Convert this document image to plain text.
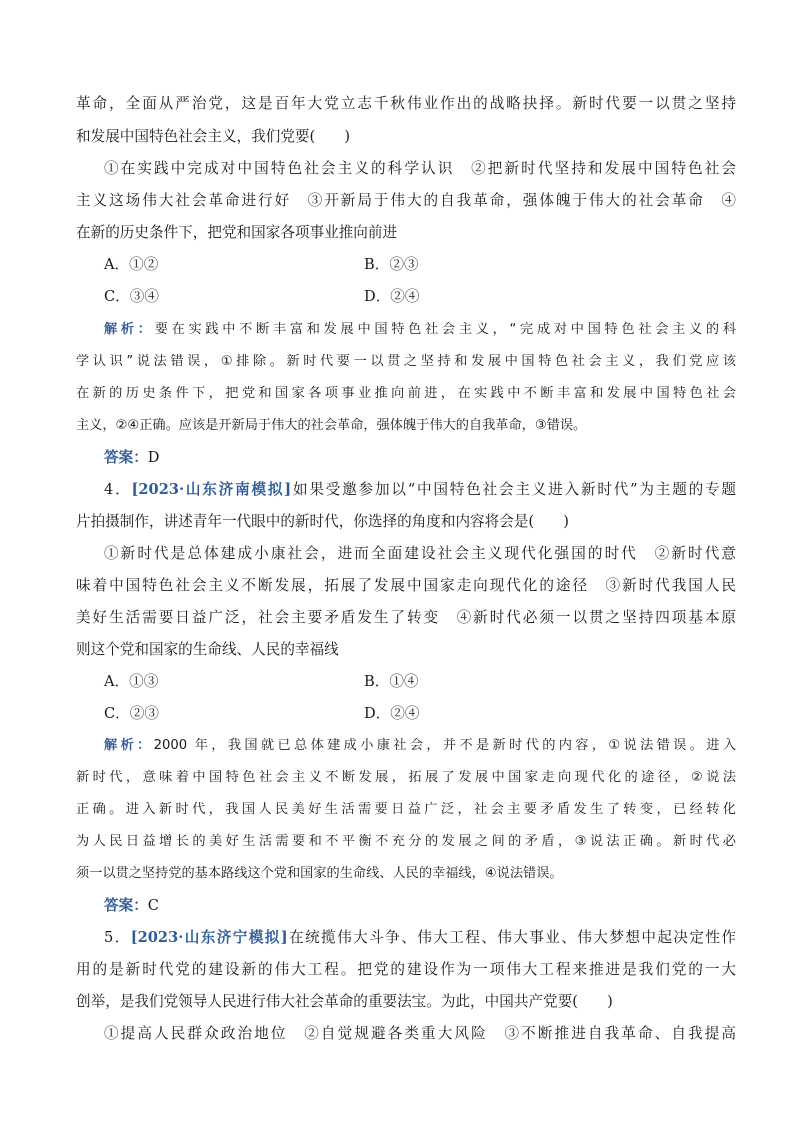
革命，全面从严治党，这是百年大党立志千秋伟业作出的战略抉择。新时代要一以贯之坚持
和发展中国特色社会主义，我们党要(　　)
①在实践中完成对中国特色社会主义的科学认识　②把新时代坚持和发展中国特色社会
主义这场伟大社会革命进行好　③开新局于伟大的自我革命，强体魄于伟大的社会革命　④
在新的历史条件下，把党和国家各项事业推向前进
A．①②	B．②③
C．③④	D．②④
解析：要在实践中不断丰富和发展中国特色社会主义，“完成对中国特色社会主义的科
学认识”说法错误，①排除。新时代要一以贯之坚持和发展中国特色社会主义，我们党应该
在新的历史条件下，把党和国家各项事业推向前进，在实践中不断丰富和发展中国特色社会
主义，②④正确。应该是开新局于伟大的社会革命，强体魄于伟大的自我革命，③错误。
答案：D
4．[2023·山东济南模拟]如果受邀参加以“中国特色社会主义进入新时代”为主题的专题
片拍摄制作，讲述青年一代眼中的新时代，你选择的角度和内容将会是(　　)
①新时代是总体建成小康社会，进而全面建设社会主义现代化强国的时代　②新时代意
味着中国特色社会主义不断发展，拓展了发展中国家走向现代化的途径　③新时代我国人民
美好生活需要日益广泛，社会主要矛盾发生了转变　④新时代必须一以贯之坚持四项基本原
则这个党和国家的生命线、人民的幸福线
A．①③	B．①④
C．②③	D．②④
解析：2000 年，我国就已总体建成小康社会，并不是新时代的内容，①说法错误。进入
新时代，意味着中国特色社会主义不断发展，拓展了发展中国家走向现代化的途径，②说法
正确。进入新时代，我国人民美好生活需要日益广泛，社会主要矛盾发生了转变，已经转化
为人民日益增长的美好生活需要和不平衡不充分的发展之间的矛盾，③说法正确。新时代必
须一以贯之坚持党的基本路线这个党和国家的生命线、人民的幸福线，④说法错误。
答案：C
5．[2023·山东济宁模拟]在统揽伟大斗争、伟大工程、伟大事业、伟大梦想中起决定性作
用的是新时代党的建设新的伟大工程。把党的建设作为一项伟大工程来推进是我们党的一大
创举，是我们党领导人民进行伟大社会革命的重要法宝。为此，中国共产党要(　　)
①提高人民群众政治地位　②自觉规避各类重大风险　③不断推进自我革命、自我提高
